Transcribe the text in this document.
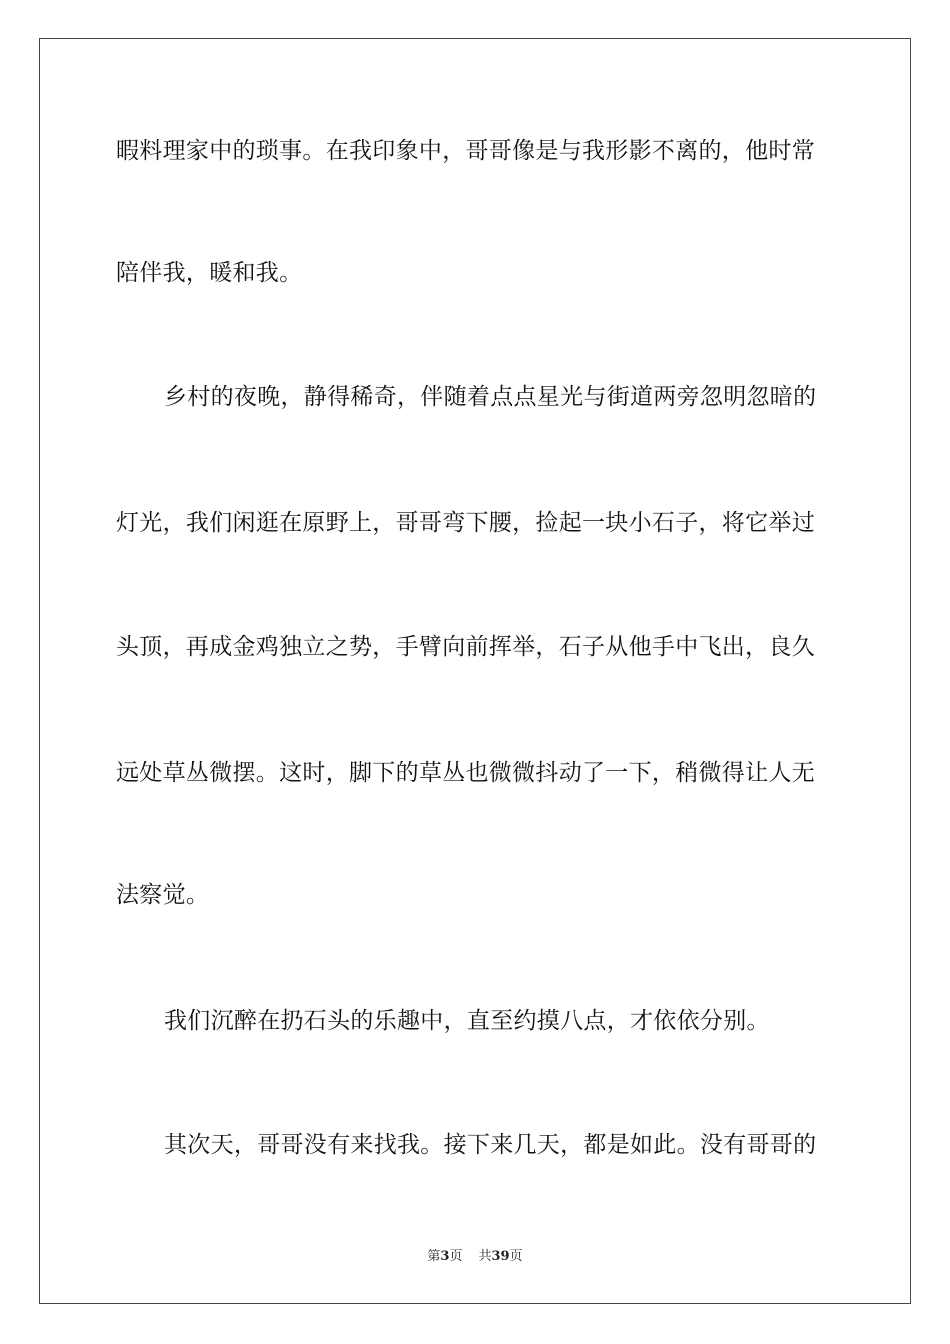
暇料理家中的琐事。在我印象中，哥哥像是与我形影不离的，他时常
陪伴我，暖和我。
乡村的夜晚，静得稀奇，伴随着点点星光与街道两旁忽明忽暗的
灯光，我们闲逛在原野上，哥哥弯下腰，捡起一块小石子，将它举过
头顶，再成金鸡独立之势，手臂向前挥举，石子从他手中飞出，良久
远处草丛微摆。这时，脚下的草丛也微微抖动了一下，稍微得让人无
法察觉。
我们沉醉在扔石头的乐趣中，直至约摸八点，才依依分别。
其次天，哥哥没有来找我。接下来几天，都是如此。没有哥哥的
第3页 共39页
